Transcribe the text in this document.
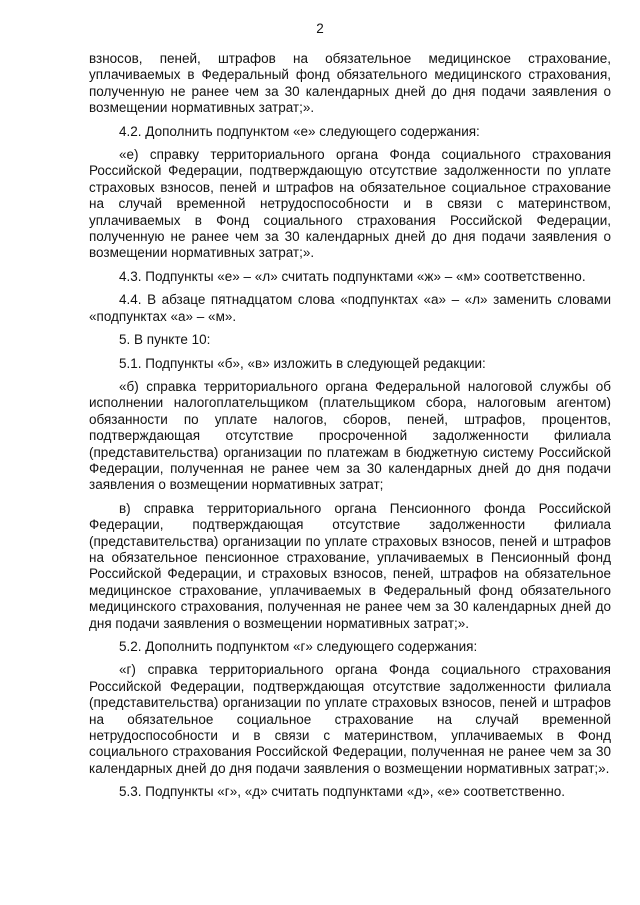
2

взносов, пеней, штрафов на обязательное медицинское страхование, уплачиваемых в Федеральный фонд обязательного медицинского страхования, полученную не ранее чем за 30 календарных дней до дня подачи заявления о возмещении нормативных затрат;».

4.2. Дополнить подпунктом «е» следующего содержания:

«е) справку территориального органа Фонда социального страхования Российской Федерации, подтверждающую отсутствие задолженности по уплате страховых взносов, пеней и штрафов на обязательное социальное страхование на случай временной нетрудоспособности и в связи с материнством, уплачиваемых в Фонд социального страхования Российской Федерации, полученную не ранее чем за 30 календарных дней до дня подачи заявления о возмещении нормативных затрат;».

4.3. Подпункты «е» – «л» считать подпунктами «ж» – «м» соответственно.

4.4. В абзаце пятнадцатом слова «подпунктах «а» – «л» заменить словами «подпунктах «а» – «м».

5. В пункте 10:

5.1. Подпункты «б», «в» изложить в следующей редакции:

«б) справка территориального органа Федеральной налоговой службы об исполнении налогоплательщиком (плательщиком сбора, налоговым агентом) обязанности по уплате налогов, сборов, пеней, штрафов, процентов, подтверждающая отсутствие просроченной задолженности филиала (представительства) организации по платежам в бюджетную систему Российской Федерации, полученная не ранее чем за 30 календарных дней до дня подачи заявления о возмещении нормативных затрат;

в) справка территориального органа Пенсионного фонда Российской Федерации, подтверждающая отсутствие задолженности филиала (представительства) организации по уплате страховых взносов, пеней и штрафов на обязательное пенсионное страхование, уплачиваемых в Пенсионный фонд Российской Федерации, и страховых взносов, пеней, штрафов на обязательное медицинское страхование, уплачиваемых в Федеральный фонд обязательного медицинского страхования, полученная не ранее чем за 30 календарных дней до дня подачи заявления о возмещении нормативных затрат;».

5.2. Дополнить подпунктом «г» следующего содержания:

«г) справка территориального органа Фонда социального страхования Российской Федерации, подтверждающая отсутствие задолженности филиала (представительства) организации по уплате страховых взносов, пеней и штрафов на обязательное социальное страхование на случай временной нетрудоспособности и в связи с материнством, уплачиваемых в Фонд социального страхования Российской Федерации, полученная не ранее чем за 30 календарных дней до дня подачи заявления о возмещении нормативных затрат;».

5.3. Подпункты «г», «д» считать подпунктами «д», «е» соответственно.
